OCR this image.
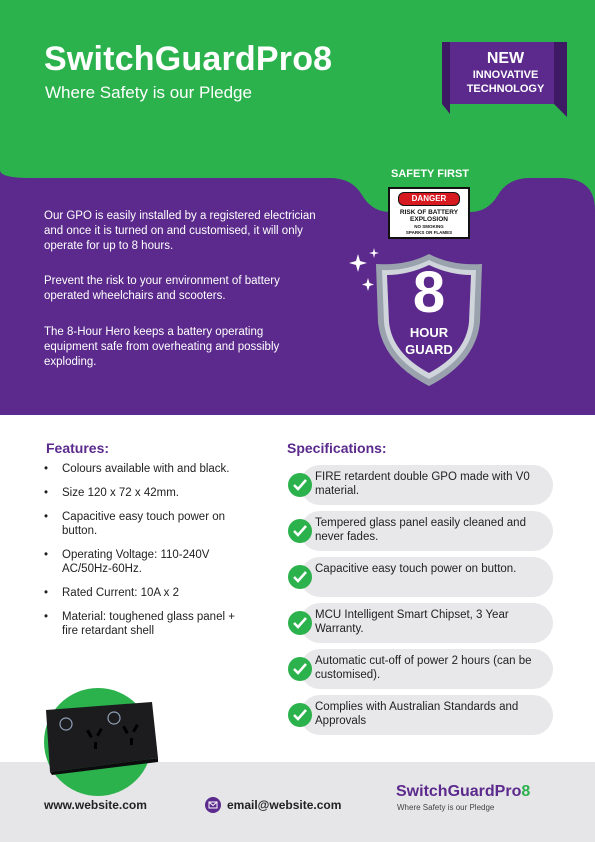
SwitchGuardPro8
Where Safety is our Pledge
NEW
INNOVATIVE
TECHNOLOGY

Our GPO is easily installed by a registered electrician and once it is turned on and customised, it will only operate for up to 8 hours.

Prevent the risk to your environment of battery operated wheelchairs and scooters.

The 8-Hour Hero keeps a battery operating equipment safe from overheating and possibly exploding.

SAFETY FIRST
DANGER
RISK OF BATTERY
EXPLOSION
NO SMOKING
SPARKS OR FLAMES
8
HOUR
GUARD
Features:
• Colours available with and black.
• Size 120 x 72 x 42mm.
• Capacitive easy touch power on button.
• Operating Voltage: 110-240V AC/50Hz-60Hz.
• Rated Current: 10A x 2
• Material: toughened glass panel + fire retardant shell
Specifications:
FIRE retardent double GPO made with V0 material.
Tempered glass panel easily cleaned and never fades.
Capacitive easy touch power on button.
MCU Intelligent Smart Chipset, 3 Year Warranty.
Automatic cut-off of power 2 hours (can be customised).
Complies with Australian Standards and Approvals
www.website.com	email@website.com
SwitchGuardPro8
Where Safety is our Pledge
